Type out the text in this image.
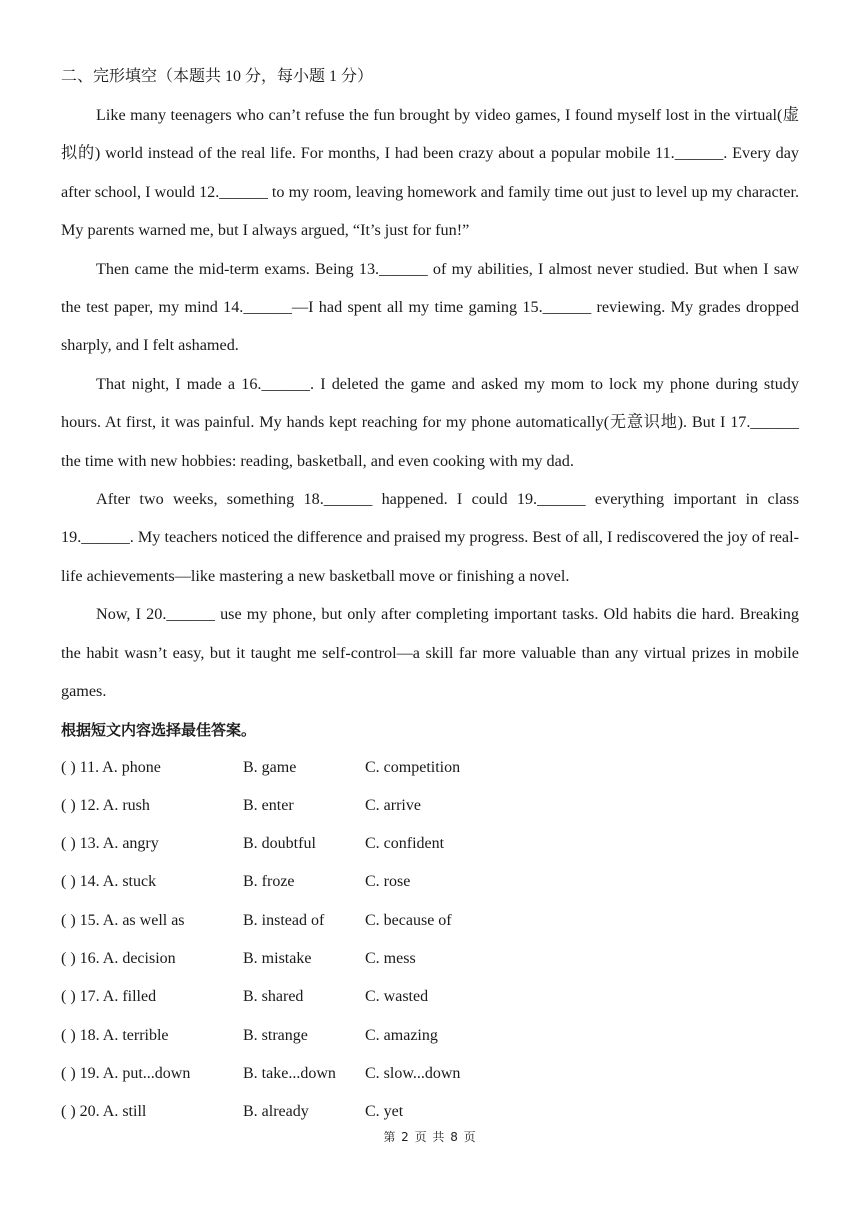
二、完形填空（本题共 10 分，每小题 1 分）

Like many teenagers who can’t refuse the fun brought by video games, I found myself lost in the virtual(虚拟的) world instead of the real life. For months, I had been crazy about a popular mobile 11.______. Every day after school, I would 12.______ to my room, leaving homework and family time out just to level up my character. My parents warned me, but I always argued, “It’s just for fun!”

Then came the mid-term exams. Being 13.______ of my abilities, I almost never studied. But when I saw the test paper, my mind 14.______—I had spent all my time gaming 15.______ reviewing. My grades dropped sharply, and I felt ashamed.

That night, I made a 16.______. I deleted the game and asked my mom to lock my phone during study hours. At first, it was painful. My hands kept reaching for my phone automatically(无意识地). But I 17.______ the time with new hobbies: reading, basketball, and even cooking with my dad.

After two weeks, something 18.______ happened. I could 19.______ everything important in class 19.______. My teachers noticed the difference and praised my progress. Best of all, I rediscovered the joy of real-life achievements—like mastering a new basketball move or finishing a novel.

Now, I 20.______ use my phone, but only after completing important tasks. Old habits die hard. Breaking the habit wasn’t easy, but it taught me self-control—a skill far more valuable than any virtual prizes in mobile games.

根据短文内容选择最佳答案。

( ) 11. A. phone	B. game	C. competition
( ) 12. A. rush	B. enter	C. arrive
( ) 13. A. angry	B. doubtful	C. confident
( ) 14. A. stuck	B. froze	C. rose
( ) 15. A. as well as	B. instead of	C. because of
( ) 16. A. decision	B. mistake	C. mess
( ) 17. A. filled	B. shared	C. wasted
( ) 18. A. terrible	B. strange	C. amazing
( ) 19. A. put...down	B. take...down	C. slow...down
( ) 20. A. still	B. already	C. yet
第 2 页 共 8 页
